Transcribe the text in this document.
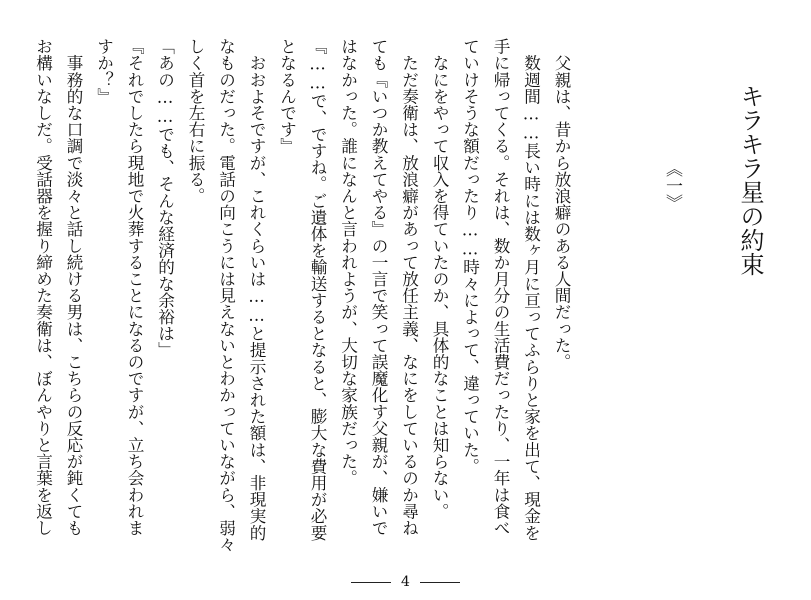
キラキラ星の約束
《一》
　父親は、昔から放浪癖のある人間だった。
　数週間……長い時には数ヶ月に亘ってふらりと家を出て、現金を
手に帰ってくる。それは、数か月分の生活費だったり、一年は食べ
ていけそうな額だったり……時々によって、違っていた。
　なにをやって収入を得ていたのか、具体的なことは知らない。
　ただ奏衛は、放浪癖があって放任主義、なにをしているのか尋ね
ても『いつか教えてやる』の一言で笑って誤魔化す父親が、嫌いで
はなかった。誰になんと言われようが、大切な家族だった。
『……で、ですね。ご遺体を輸送するとなると、膨大な費用が必要
となるんです』
　おおよそですが、これくらいは……と提示された額は、非現実的
なものだった。電話の向こうには見えないとわかっていながら、弱々
しく首を左右に振る。
「あの……でも、そんな経済的な余裕は」
『それでしたら現地で火葬することになるのですが、立ち会われま
すか？』
　事務的な口調で淡々と話し続ける男は、こちらの反応が鈍くても
お構いなしだ。受話器を握り締めた奏衛は、ぼんやりと言葉を返し
4
